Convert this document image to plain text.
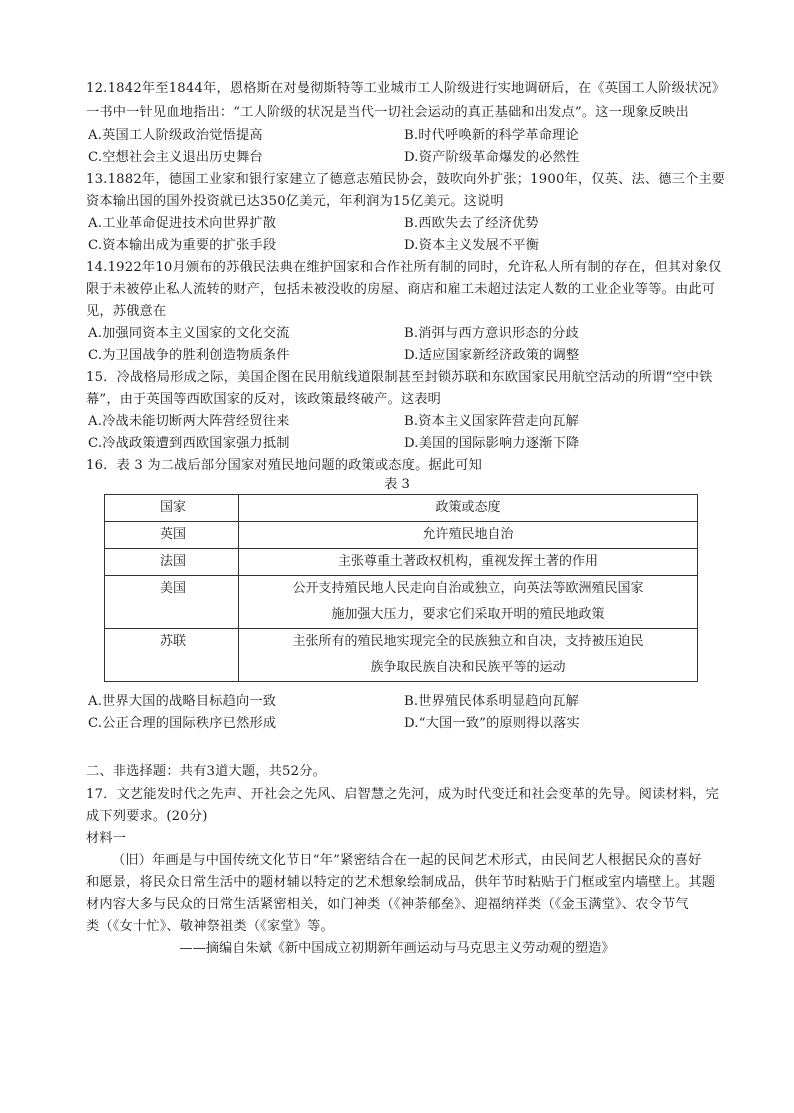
12.1842年至1844年，恩格斯在对曼彻斯特等工业城市工人阶级进行实地调研后，在《英国工人阶级状况》
一书中一针见血地指出：“工人阶级的状况是当代一切社会运动的真正基础和出发点”。这一现象反映出
A.英国工人阶级政治觉悟提高	B.时代呼唤新的科学革命理论
C.空想社会主义退出历史舞台	D.资产阶级革命爆发的必然性
13.1882年，德国工业家和银行家建立了德意志殖民协会，鼓吹向外扩张；1900年，仅英、法、德三个主要
资本输出国的国外投资就已达350亿美元，年利润为15亿美元。这说明
A.工业革命促进技术向世界扩散	B.西欧失去了经济优势
C.资本输出成为重要的扩张手段	D.资本主义发展不平衡
14.1922年10月颁布的苏俄民法典在维护国家和合作社所有制的同时，允许私人所有制的存在，但其对象仅
限于未被停止私人流转的财产，包括未被没收的房屋、商店和雇工未超过法定人数的工业企业等等。由此可
见，苏俄意在
A.加强同资本主义国家的文化交流	B.消弭与西方意识形态的分歧
C.为卫国战争的胜利创造物质条件	D.适应国家新经济政策的调整
15．冷战格局形成之际，美国企图在民用航线道限制甚至封锁苏联和东欧国家民用航空活动的所谓“空中铁
幕”，由于英国等西欧国家的反对，该政策最终破产。这表明
A.冷战未能切断两大阵营经贸往来	B.资本主义国家阵营走向瓦解
C.冷战政策遭到西欧国家强力抵制	D.美国的国际影响力逐渐下降
16．表 3 为二战后部分国家对殖民地问题的政策或态度。据此可知
表 3
国家	政策或态度
英国	允许殖民地自治

法国	主张尊重土著政权机构，重视发挥土著的作用

美国	公开支持殖民地人民走向自治或独立，向英法等欧洲殖民国家
施加强大压力，要求它们采取开明的殖民地政策

苏联	主张所有的殖民地实现完全的民族独立和自决，支持被压迫民
族争取民族自决和民族平等的运动
A.世界大国的战略目标趋向一致	B.世界殖民体系明显趋向瓦解
C.公正合理的国际秩序已然形成	D.“大国一致”的原则得以落实
二、非选择题：共有3道大题，共52分。
17．文艺能发时代之先声、开社会之先风、启智慧之先河，成为时代变迁和社会变革的先导。阅读材料，完
成下列要求。(20分)
材料一
（旧）年画是与中国传统文化节日“年”紧密结合在一起的民间艺术形式，由民间艺人根据民众的喜好
和愿景，将民众日常生活中的题材辅以特定的艺术想象绘制成品，供年节时粘贴于门框或室内墙壁上。其题
材内容大多与民众的日常生活紧密相关，如门神类（《神荼郁垒》、迎福纳祥类（《金玉满堂》、农令节气
类（《女十忙》、敬神祭祖类（《家堂》等。
——摘编自朱斌《新中国成立初期新年画运动与马克思主义劳动观的塑造》
